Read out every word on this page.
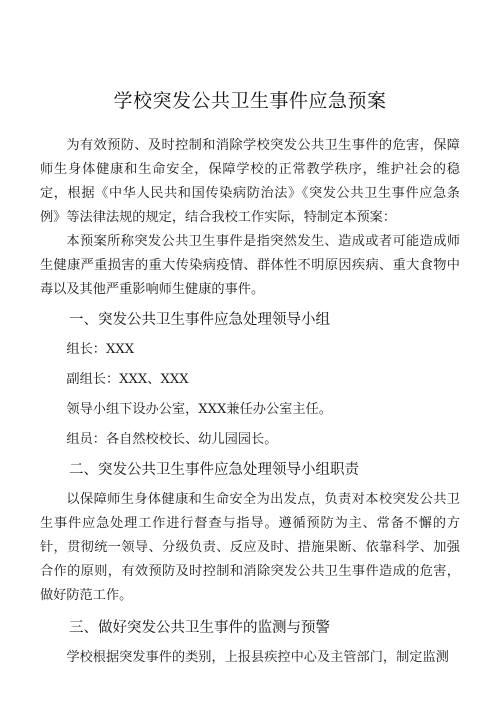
学校突发公共卫生事件应急预案

为有效预防、及时控制和消除学校突发公共卫生事件的危害，保障师生身体健康和生命安全，保障学校的正常教学秩序，维护社会的稳定，根据《中华人民共和国传染病防治法》《突发公共卫生事件应急条例》等法律法规的规定，结合我校工作实际，特制定本预案：

本预案所称突发公共卫生事件是指突然发生、造成或者可能造成师生健康严重损害的重大传染病疫情、群体性不明原因疾病、重大食物中毒以及其他严重影响师生健康的事件。

一、突发公共卫生事件应急处理领导小组

组长：XXX

副组长：XXX、XXX

领导小组下设办公室，XXX兼任办公室主任。

组员：各自然校校长、幼儿园园长。

二、突发公共卫生事件应急处理领导小组职责

以保障师生身体健康和生命安全为出发点，负责对本校突发公共卫生事件应急处理工作进行督查与指导。遵循预防为主、常备不懈的方针，贯彻统一领导、分级负责、反应及时、措施果断、依靠科学、加强合作的原则，有效预防及时控制和消除突发公共卫生事件造成的危害，做好防范工作。

三、做好突发公共卫生事件的监测与预警

学校根据突发事件的类别，上报县疾控中心及主管部门，制定监测
